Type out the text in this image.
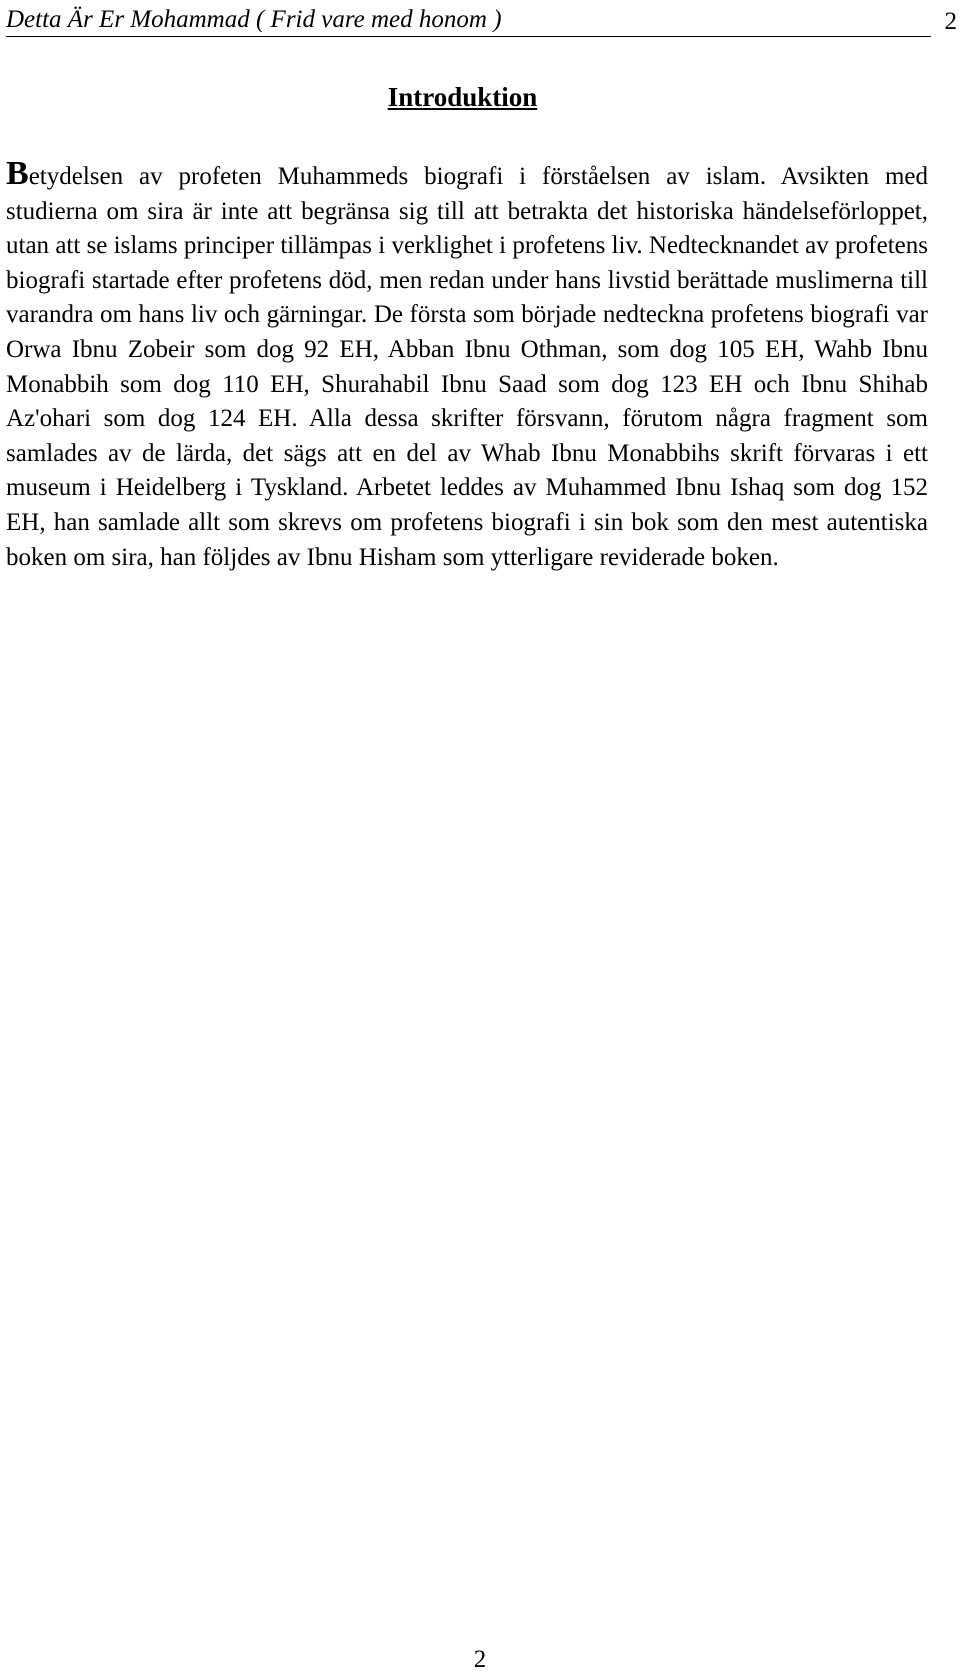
Detta Är Er Mohammad ( Frid vare med honom )	2
Introduktion

Betydelsen av profeten Muhammeds biografi i förståelsen av islam. Avsikten med studierna om sira är inte att begränsa sig till att betrakta det historiska händelseförloppet, utan att se islams principer tillämpas i verklighet i profetens liv. Nedtecknandet av profetens biografi startade efter profetens död, men redan under hans livstid berättade muslimerna till varandra om hans liv och gärningar. De första som började nedteckna profetens biografi var Orwa Ibnu Zobeir som dog 92 EH, Abban Ibnu Othman, som dog 105 EH, Wahb Ibnu Monabbih som dog 110 EH, Shurahabil Ibnu Saad som dog 123 EH och Ibnu Shihab Az'ohari som dog 124 EH. Alla dessa skrifter försvann, förutom några fragment som samlades av de lärda, det sägs att en del av Whab Ibnu Monabbihs skrift förvaras i ett museum i Heidelberg i Tyskland. Arbetet leddes av Muhammed Ibnu Ishaq som dog 152 EH, han samlade allt som skrevs om profetens biografi i sin bok som den mest autentiska boken om sira, han följdes av Ibnu Hisham som ytterligare reviderade boken.

2
